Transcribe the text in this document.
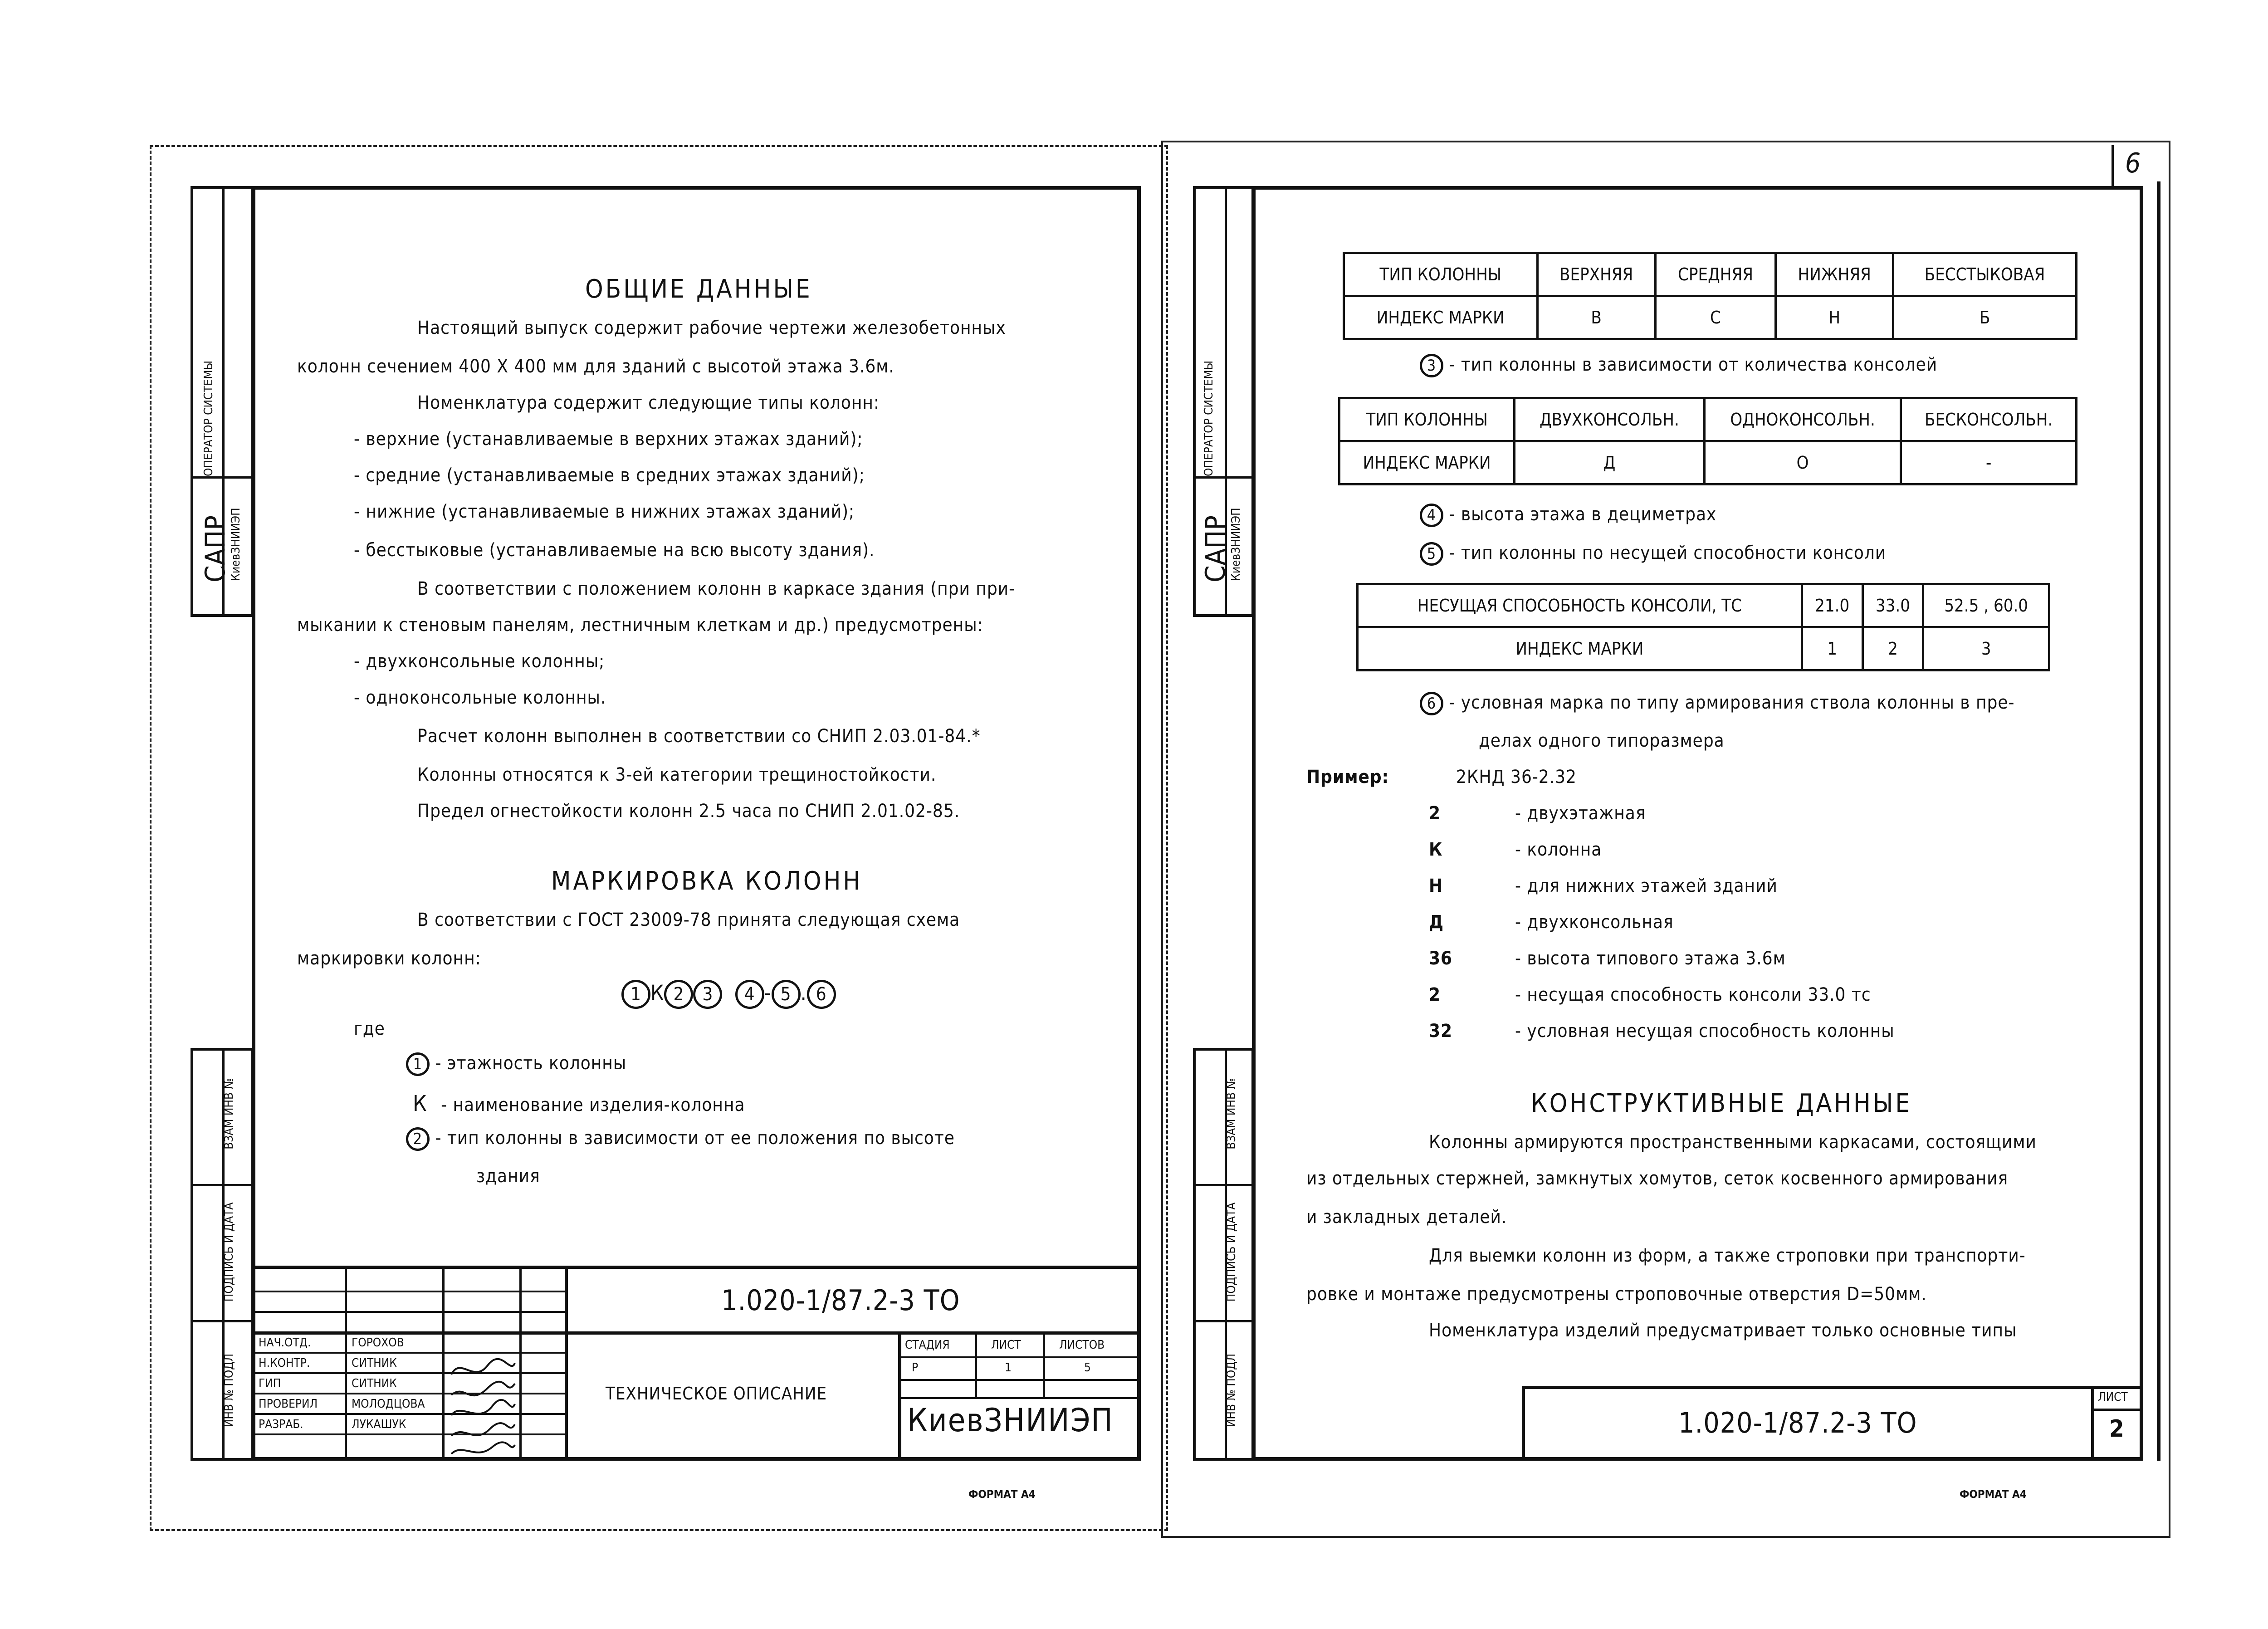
ОПЕРАТОР СИСТЕМЫ
САПР
КиевЗНИИЭП
ВЗАМ ИНВ №
ПОДПИСЬ И ДАТА
ИНВ № ПОДЛ
ОБЩИЕ ДАННЫЕ
Настоящий выпуск содержит рабочие чертежи железобетонных
колонн сечением 400 Х 400 мм для зданий с высотой этажа 3.6м.
Номенклатура содержит следующие типы колонн:
- верхние (устанавливаемые в верхних этажах зданий);
- средние (устанавливаемые в средних этажах зданий);
- нижние (устанавливаемые в нижних этажах зданий);
- бесстыковые (устанавливаемые на всю высоту здания).
В соответствии с положением колонн в каркасе здания (при при-
мыкании к стеновым панелям, лестничным клеткам и др.) предусмотрены:
- двухконсольные колонны;
- одноконсольные колонны.
Расчет колонн выполнен в соответствии со СНИП 2.03.01-84.*
Колонны относятся к 3-ей категории трещиностойкости.
Предел огнестойкости колонн 2.5 часа по СНИП 2.01.02-85.
МАРКИРОВКА КОЛОНН
В соответствии с ГОСТ 23009-78 принята следующая схема
маркировки колонн:
1 К 2 3 4 - 5 . 6
где
1 - этажность колонны
К - наименование изделия-колонна
2 - тип колонны в зависимости от ее положения по высоте
здания
1.020-1/87.2-3 ТО
ТЕХНИЧЕСКОЕ ОПИСАНИЕ
КиевЗНИИЭП
СТАДИЯ	ЛИСТ	ЛИСТОВ
Р	1	5
НАЧ.ОТД.	ГОРОХОВ
Н.КОНТР.	СИТНИК
ГИП	СИТНИК
ПРОВЕРИЛ	МОЛОДЦОВА
РАЗРАБ.	ЛУКАШУК
ФОРМАТ А4
6
ОПЕРАТОР СИСТЕМЫ
САПР
КиевЗНИИЭП
ВЗАМ ИНВ №
ПОДПИСЬ И ДАТА
ИНВ № ПОДЛ
ТИП КОЛОННЫ	ВЕРХНЯЯ	СРЕДНЯЯ	НИЖНЯЯ	БЕССТЫКОВАЯ
ИНДЕКС МАРКИ	В	С	Н	Б
3 - тип колонны в зависимости от количества консолей
ТИП КОЛОННЫ	ДВУХКОНСОЛЬН.	ОДНОКОНСОЛЬН.	БЕСКОНСОЛЬН.
ИНДЕКС МАРКИ	Д	О	-
4 - высота этажа в дециметрах
5 - тип колонны по несущей способности консоли
НЕСУЩАЯ СПОСОБНОСТЬ КОНСОЛИ, ТС	21.0	33.0	52.5 , 60.0
ИНДЕКС МАРКИ	1	2	3
6 - условная марка по типу армирования ствола колонны в пре-
делах одного типоразмера
Пример:	2КНД 36-2.32
2	- двухэтажная
К	- колонна
Н	- для нижних этажей зданий
Д	- двухконсольная
36	- высота типового этажа 3.6м
2	- несущая способность консоли 33.0 тс
32	- условная несущая способность колонны
КОНСТРУКТИВНЫЕ ДАННЫЕ
Колонны армируются пространственными каркасами, состоящими
из отдельных стержней, замкнутых хомутов, сеток косвенного армирования
и закладных деталей.
Для выемки колонн из форм, а также строповки при транспорти-
ровке и монтаже предусмотрены строповочные отверстия D=50мм.
Номенклатура изделий предусматривает только основные типы
1.020-1/87.2-3 ТО
ЛИСТ
2
ФОРМАТ А4
